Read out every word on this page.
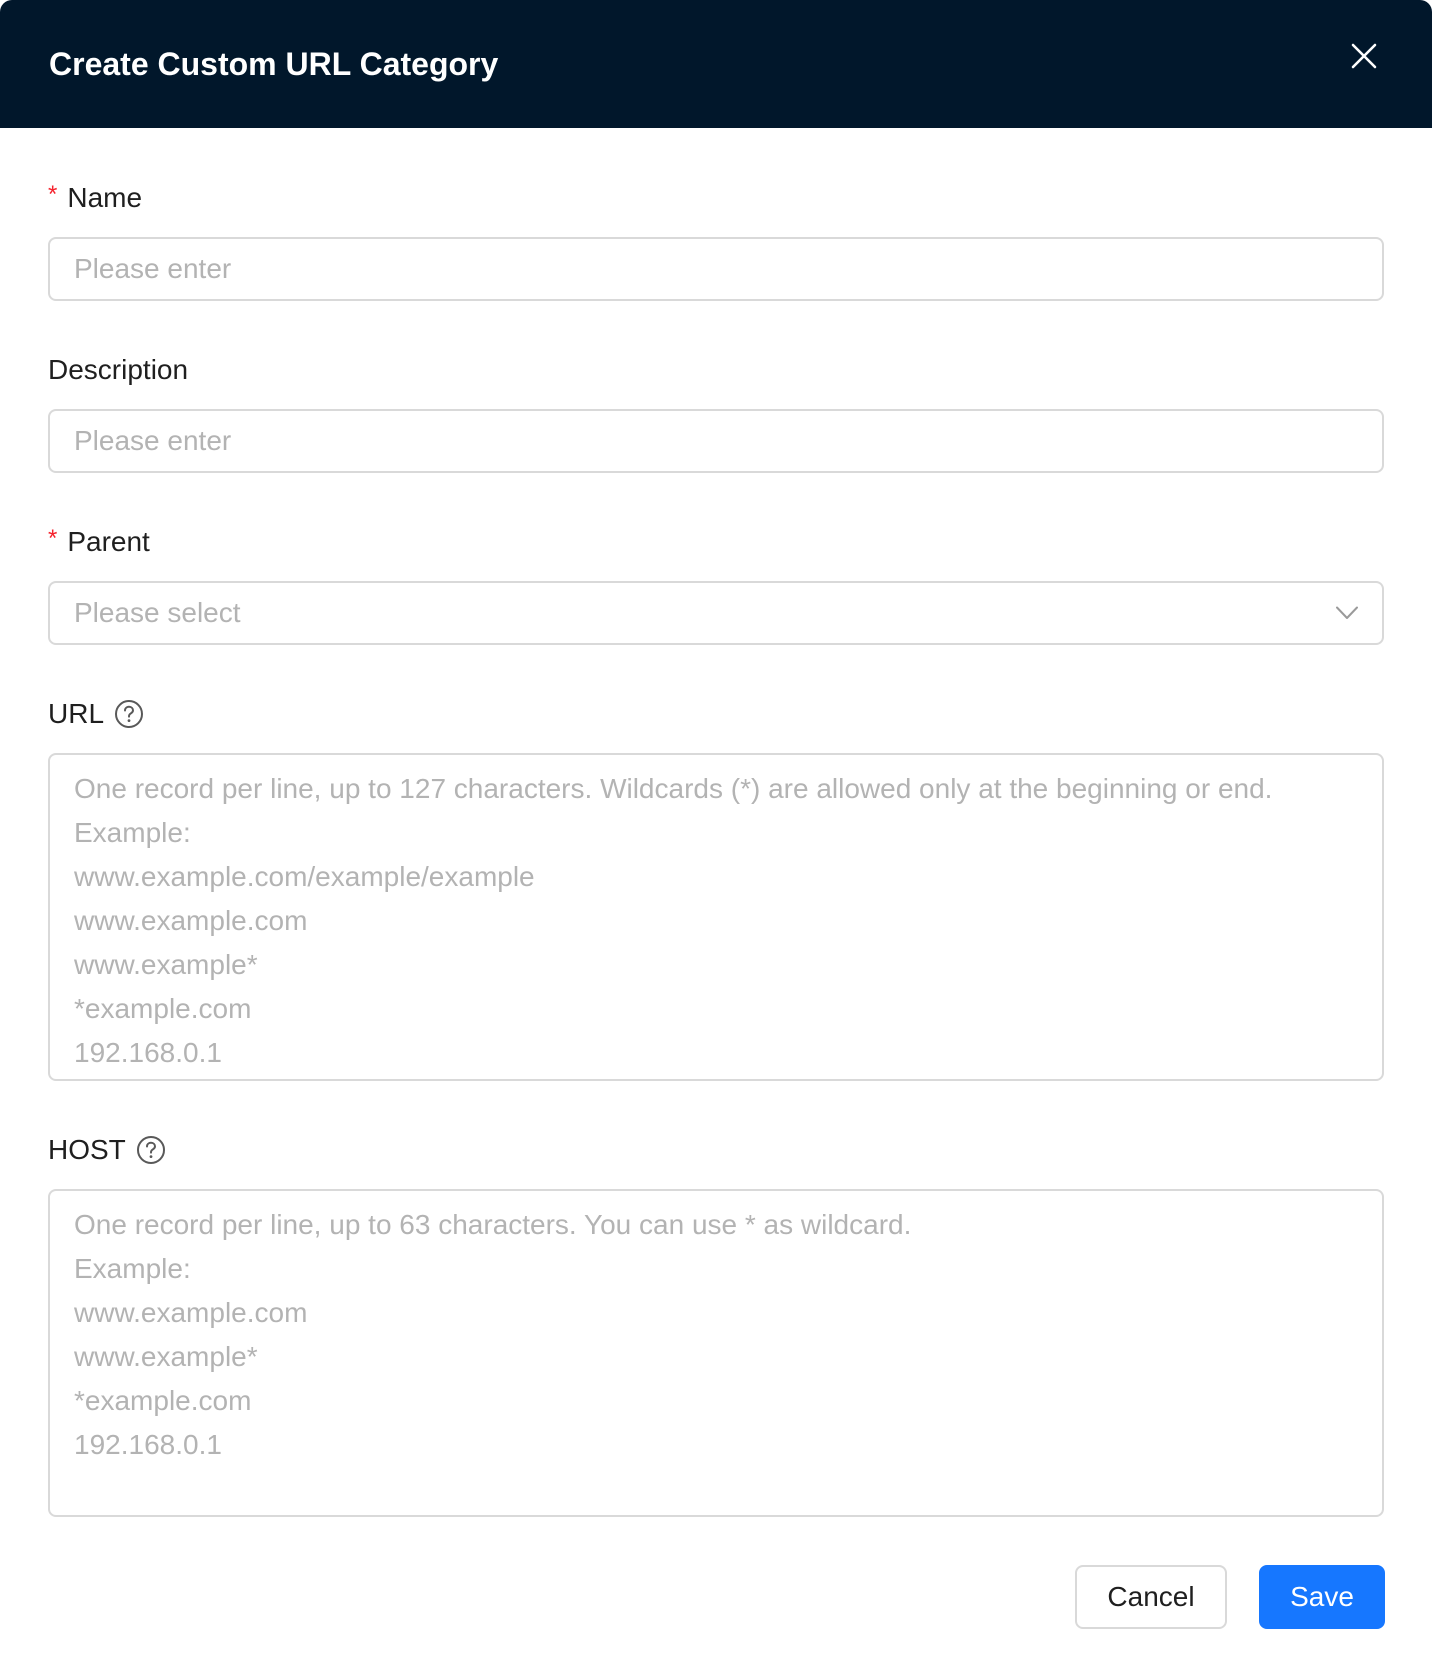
Create Custom URL Category
* Name
Please enter
Description
Please enter
* Parent
Please select
URL
One record per line, up to 127 characters. Wildcards (*) are allowed only at the beginning or end. Example: www.example.com/example/example www.example.com www.example* *example.com 192.168.0.1
HOST
One record per line, up to 63 characters. You can use * as wildcard. Example: www.example.com www.example* *example.com 192.168.0.1
Cancel	Save
